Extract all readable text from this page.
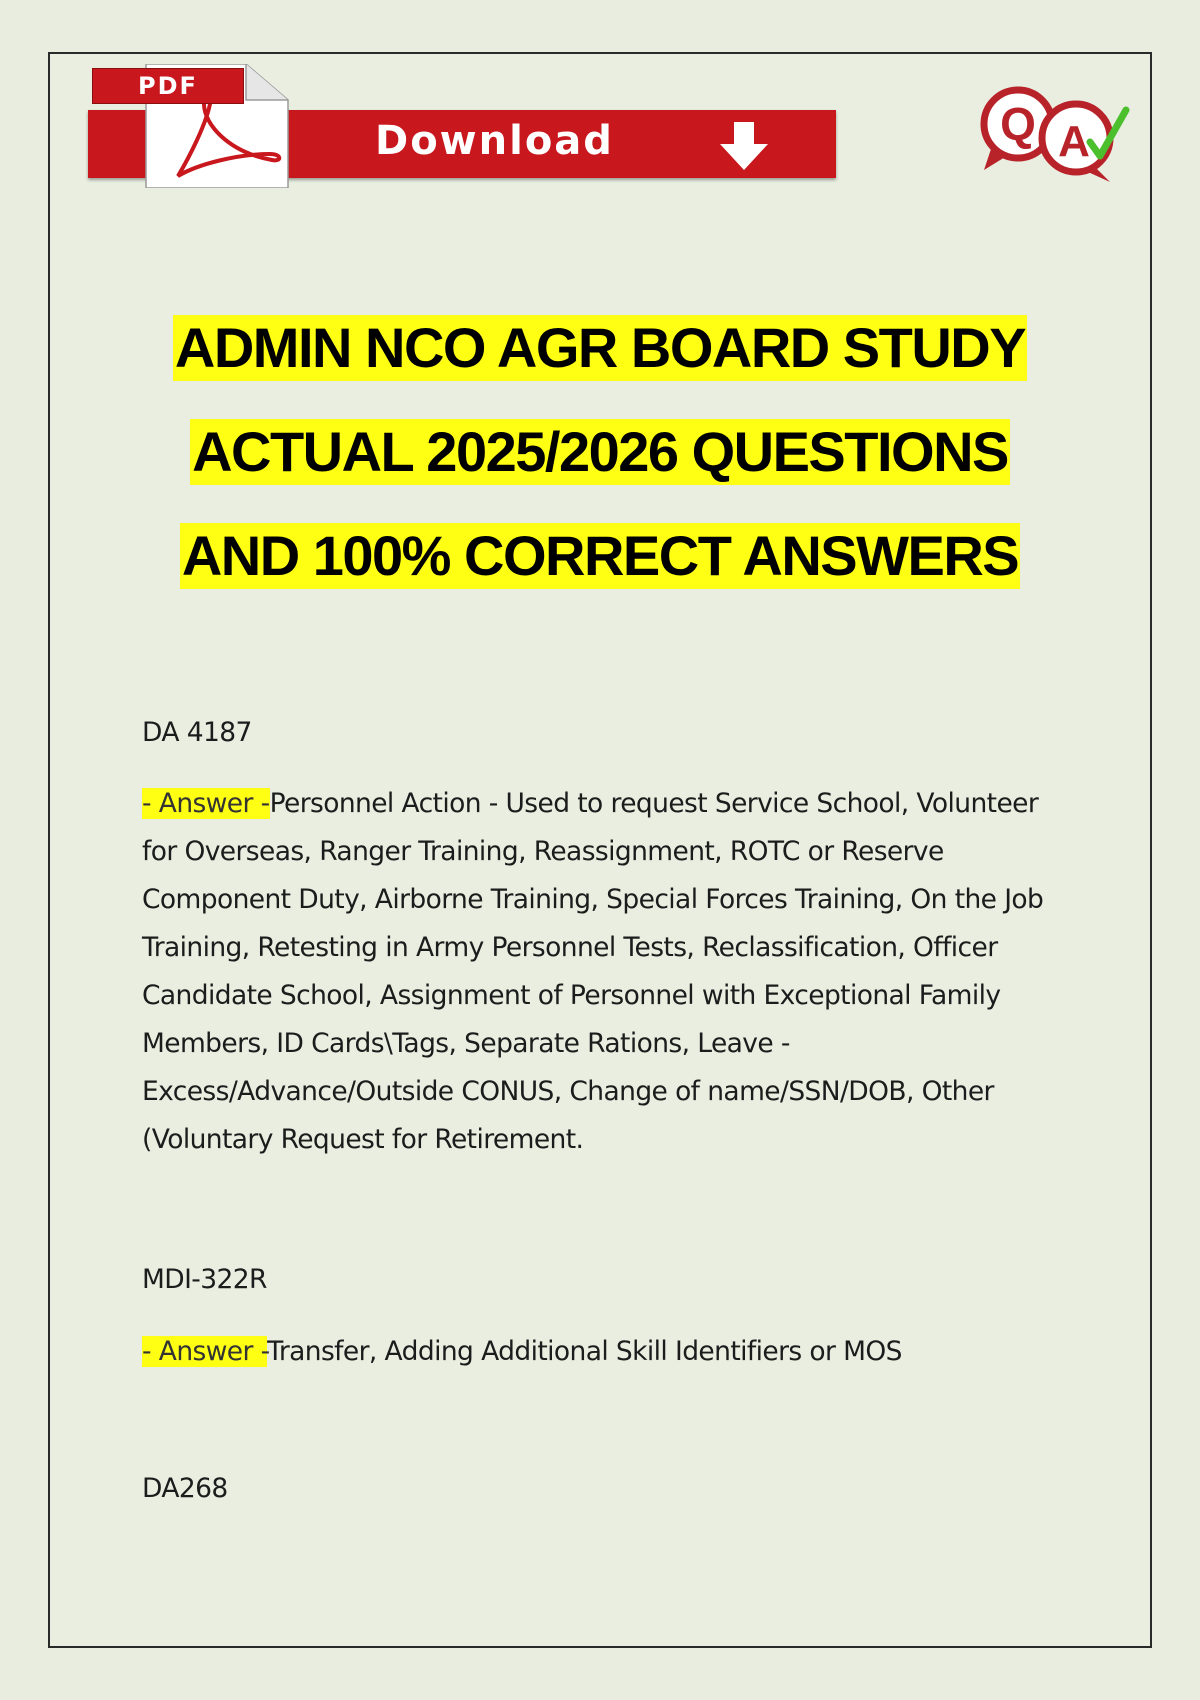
PDF
Download	Q A
ADMIN NCO AGR BOARD STUDY
ACTUAL 2025/2026 QUESTIONS
AND 100% CORRECT ANSWERS

DA 4187

- Answer -Personnel Action - Used to request Service School, Volunteer for Overseas, Ranger Training, Reassignment, ROTC or Reserve Component Duty, Airborne Training, Special Forces Training, On the Job Training, Retesting in Army Personnel Tests, Reclassification, Officer Candidate School, Assignment of Personnel with Exceptional Family Members, ID Cards\Tags, Separate Rations, Leave - Excess/Advance/Outside CONUS, Change of name/SSN/DOB, Other (Voluntary Request for Retirement.

MDI-322R

- Answer -Transfer, Adding Additional Skill Identifiers or MOS

DA268
